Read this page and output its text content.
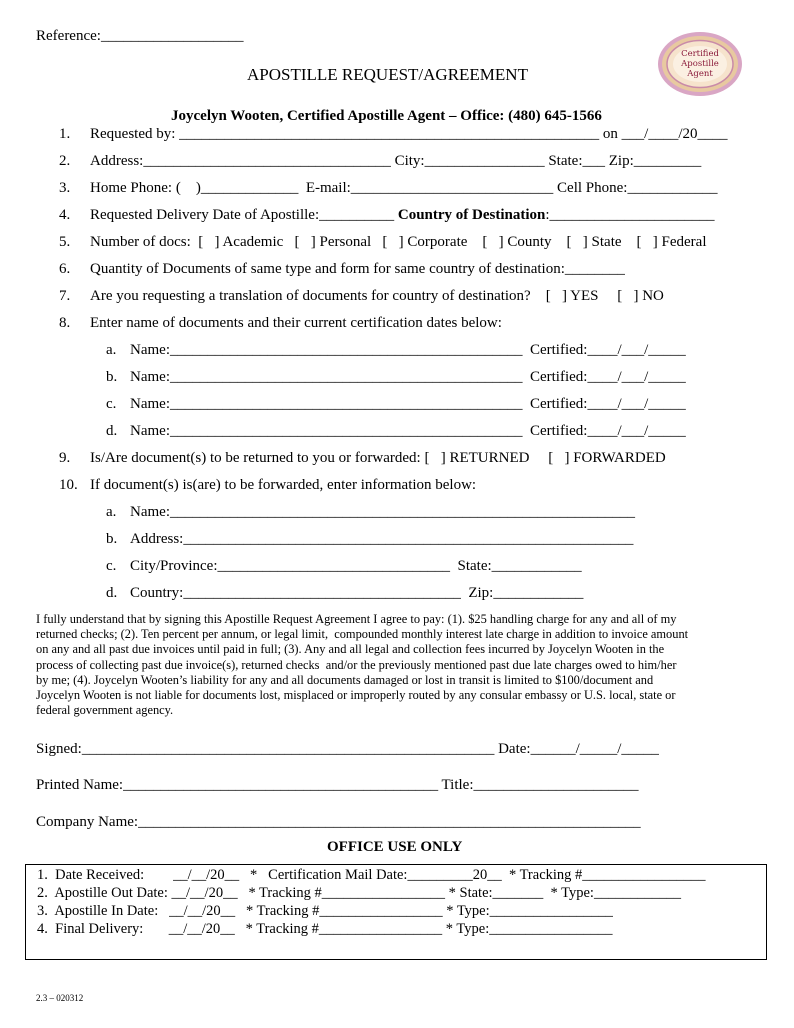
Reference:___________________
APOSTILLE REQUEST/AGREEMENT
Certified
Apostille
Agent
Joycelyn Wooten, Certified Apostille Agent – Office: (480) 645-1566
1. Requested by: ________________________________________________________ on ___/____/20____
2. Address:_________________________________ City:________________ State:___ Zip:_________
3. Home Phone: (    )_____________  E-mail:___________________________ Cell Phone:____________
4. Requested Delivery Date of Apostille:__________ Country of Destination:______________________
5. Number of docs:  [   ] Academic   [   ] Personal   [   ] Corporate    [   ] County    [   ] State    [   ] Federal
6. Quantity of Documents of same type and form for same country of destination:________
7. Are you requesting a translation of documents for country of destination?    [   ] YES     [   ] NO
8. Enter name of documents and their current certification dates below:
a. Name:_______________________________________________  Certified:____/___/_____
b. Name:_______________________________________________  Certified:____/___/_____
c. Name:_______________________________________________  Certified:____/___/_____
d. Name:_______________________________________________  Certified:____/___/_____
9. Is/Are document(s) to be returned to you or forwarded: [   ] RETURNED     [   ] FORWARDED
10. If document(s) is(are) to be forwarded, enter information below:
a. Name:______________________________________________________________
b. Address:____________________________________________________________
c. City/Province:_______________________________  State:____________
d. Country:_____________________________________  Zip:____________
I fully understand that by signing this Apostille Request Agreement I agree to pay: (1). $25 handling charge for any and all of my
returned checks; (2). Ten percent per annum, or legal limit,  compounded monthly interest late charge in addition to invoice amount
on any and all past due invoices until paid in full; (3). Any and all legal and collection fees incurred by Joycelyn Wooten in the
process of collecting past due invoice(s), returned checks  and/or the previously mentioned past due late charges owed to him/her
by me; (4). Joycelyn Wooten’s liability for any and all documents damaged or lost in transit is limited to $100/document and
Joycelyn Wooten is not liable for documents lost, misplaced or improperly routed by any consular embassy or U.S. local, state or
federal government agency.
Signed:_______________________________________________________ Date:______/_____/_____
Printed Name:__________________________________________ Title:______________________
Company Name:___________________________________________________________________
OFFICE USE ONLY
1.  Date Received:        __/__/20__   *   Certification Mail Date:_________20__  * Tracking #_________________
2.  Apostille Out Date: __/__/20__   * Tracking #_________________ * State:_______  * Type:____________
3.  Apostille In Date:   __/__/20__   * Tracking #_________________ * Type:_________________
4.  Final Delivery:       __/__/20__   * Tracking #_________________ * Type:_________________
2.3 – 020312
